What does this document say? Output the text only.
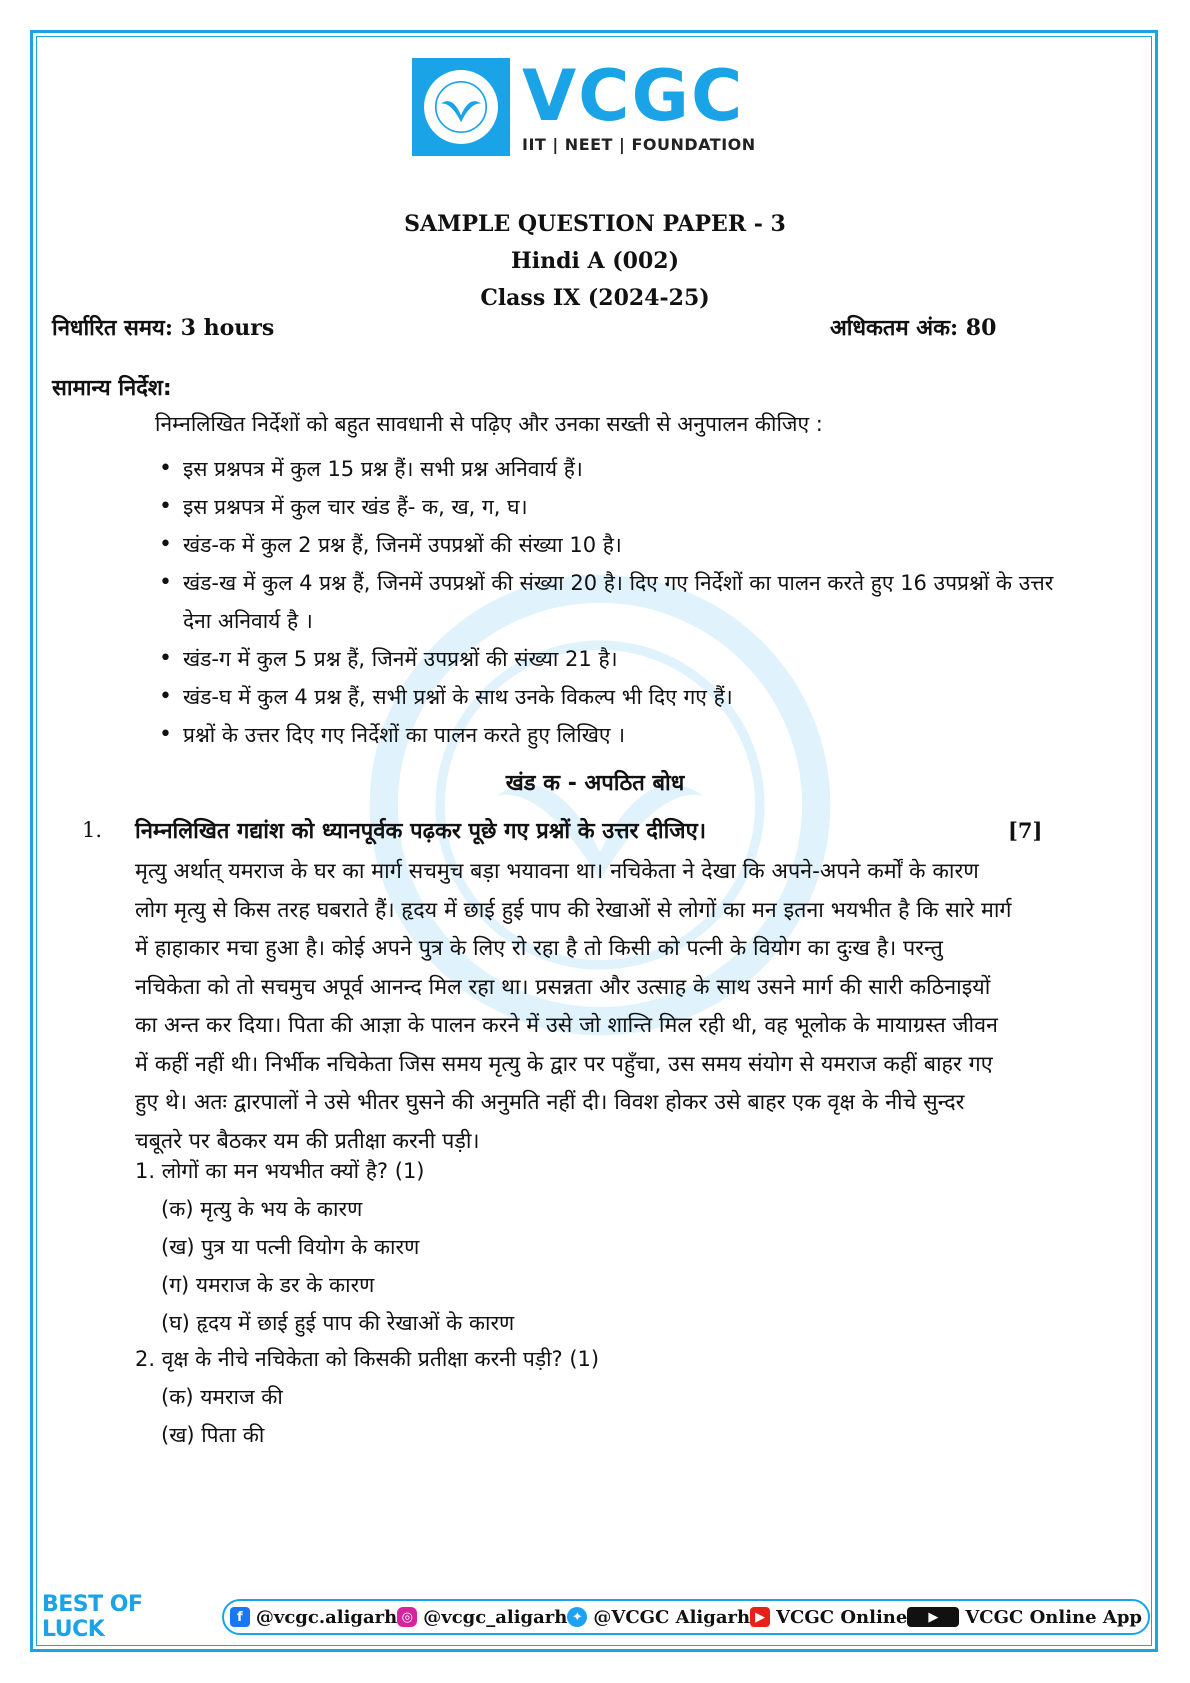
VCGC
IIT | NEET | FOUNDATION
SAMPLE QUESTION PAPER - 3
Hindi A (002)
Class IX (2024-25)
निर्धारित समय: 3 hours	अधिकतम अंक: 80
सामान्य निर्देश:
निम्नलिखित निर्देशों को बहुत सावधानी से पढ़िए और उनका सख्ती से अनुपालन कीजिए :
• इस प्रश्नपत्र में कुल 15 प्रश्न हैं। सभी प्रश्न अनिवार्य हैं।
• इस प्रश्नपत्र में कुल चार खंड हैं- क, ख, ग, घ।
• खंड-क में कुल 2 प्रश्न हैं, जिनमें उपप्रश्नों की संख्या 10 है।
• खंड-ख में कुल 4 प्रश्न हैं, जिनमें उपप्रश्नों की संख्या 20 है। दिए गए निर्देशों का पालन करते हुए 16 उपप्रश्नों के उत्तर देना अनिवार्य है ।
• खंड-ग में कुल 5 प्रश्न हैं, जिनमें उपप्रश्नों की संख्या 21 है।
• खंड-घ में कुल 4 प्रश्न हैं, सभी प्रश्नों के साथ उनके विकल्प भी दिए गए हैं।
• प्रश्नों के उत्तर दिए गए निर्देशों का पालन करते हुए लिखिए ।
खंड क - अपठित बोध
1. निम्नलिखित गद्यांश को ध्यानपूर्वक पढ़कर पूछे गए प्रश्नों के उत्तर दीजिए।	[7]
मृत्यु अर्थात् यमराज के घर का मार्ग सचमुच बड़ा भयावना था। नचिकेता ने देखा कि अपने-अपने कर्मों के कारण लोग मृत्यु से किस तरह घबराते हैं। हृदय में छाई हुई पाप की रेखाओं से लोगों का मन इतना भयभीत है कि सारे मार्ग में हाहाकार मचा हुआ है। कोई अपने पुत्र के लिए रो रहा है तो किसी को पत्नी के वियोग का दुःख है। परन्तु नचिकेता को तो सचमुच अपूर्व आनन्द मिल रहा था। प्रसन्नता और उत्साह के साथ उसने मार्ग की सारी कठिनाइयों का अन्त कर दिया। पिता की आज्ञा के पालन करने में उसे जो शान्ति मिल रही थी, वह भूलोक के मायाग्रस्त जीवन में कहीं नहीं थी। निर्भीक नचिकेता जिस समय मृत्यु के द्वार पर पहुँचा, उस समय संयोग से यमराज कहीं बाहर गए हुए थे। अतः द्वारपालों ने उसे भीतर घुसने की अनुमति नहीं दी। विवश होकर उसे बाहर एक वृक्ष के नीचे सुन्दर चबूतरे पर बैठकर यम की प्रतीक्षा करनी पड़ी।
1. लोगों का मन भयभीत क्यों है? (1)
(क) मृत्यु के भय के कारण
(ख) पुत्र या पत्नी वियोग के कारण
(ग) यमराज के डर के कारण
(घ) हृदय में छाई हुई पाप की रेखाओं के कारण
2. वृक्ष के नीचे नचिकेता को किसकी प्रतीक्षा करनी पड़ी? (1)
(क) यमराज की
(ख) पिता की
BEST OF LUCK	f @vcgc.aligarh ◎ @vcgc_aligarh ✦ @VCGC Aligarh ▶ VCGC Online	▶	VCGC Online App
